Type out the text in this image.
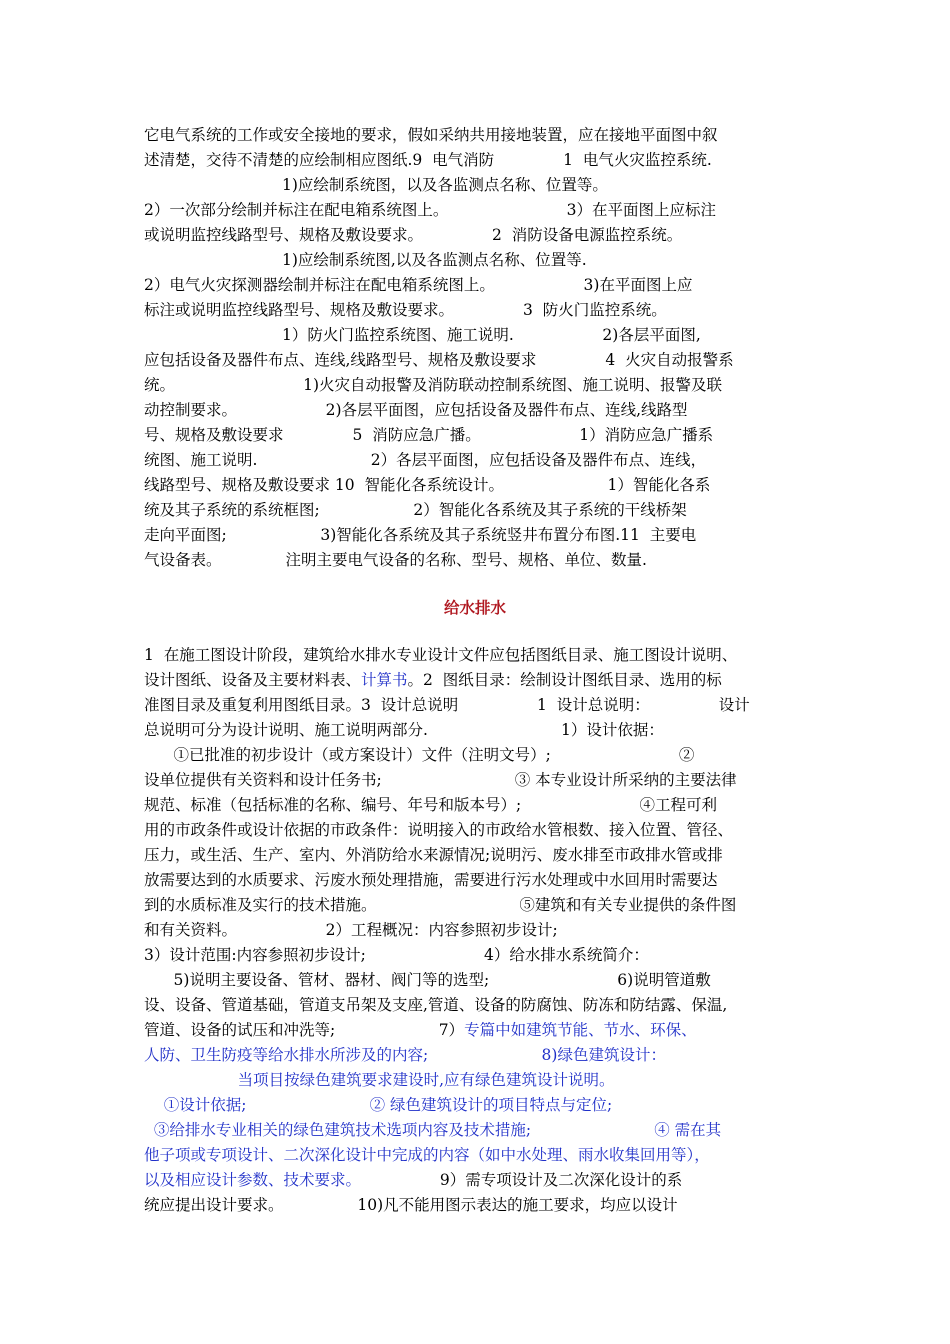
它电气系统的工作或安全接地的要求，假如采纳共用接地装置，应在接地平面图中叙
述清楚，交待不清楚的应绘制相应图纸.9  电气消防              1  电气火灾监控系统.
1)应绘制系统图，以及各监测点名称、位置等。
2）一次部分绘制并标注在配电箱系统图上。                        3）在平面图上应标注
或说明监控线路型号、规格及敷设要求。              2  消防设备电源监控系统。
1)应绘制系统图,以及各监测点名称、位置等.
2）电气火灾探测器绘制并标注在配电箱系统图上。                  3)在平面图上应
标注或说明监控线路型号、规格及敷设要求。              3  防火门监控系统。
1）防火门监控系统图、施工说明.                  2)各层平面图,
应包括设备及器件布点、连线,线路型号、规格及敷设要求              4  火灾自动报警系
统。                          1)火灾自动报警及消防联动控制系统图、施工说明、报警及联
动控制要求。                  2)各层平面图，应包括设备及器件布点、连线,线路型
号、规格及敷设要求              5  消防应急广播。                    1）消防应急广播系
统图、施工说明.                       2）各层平面图，应包括设备及器件布点、连线，
线路型号、规格及敷设要求 10  智能化各系统设计。                     1）智能化各系
统及其子系统的系统框图;                   2）智能化各系统及其子系统的干线桥架
走向平面图;                   3)智能化各系统及其子系统竖井布置分布图.11  主要电
气设备表。             注明主要电气设备的名称、型号、规格、单位、数量.
给水排水
1  在施工图设计阶段，建筑给水排水专业设计文件应包括图纸目录、施工图设计说明、
设计图纸、设备及主要材料表、计算书。2  图纸目录：绘制设计图纸目录、选用的标
准图目录及重复利用图纸目录。3  设计总说明                1  设计总说明：              设计
总说明可分为设计说明、施工说明两部分.                           1）设计依据：
①已批准的初步设计（或方案设计）文件（注明文号）;                          ②
设单位提供有关资料和设计任务书;                           ③ 本专业设计所采纳的主要法律
规范、标准（包括标准的名称、编号、年号和版本号）;                        ④工程可利
用的市政条件或设计依据的市政条件：说明接入的市政给水管根数、接入位置、管径、
压力，或生活、生产、室内、外消防给水来源情况;说明污、废水排至市政排水管或排
放需要达到的水质要求、污废水预处理措施，需要进行污水处理或中水回用时需要达
到的水质标准及实行的技术措施。                             ⑤建筑和有关专业提供的条件图
和有关资料。                  2）工程概况：内容参照初步设计;
3）设计范围:内容参照初步设计;                        4）给水排水系统简介：
5)说明主要设备、管材、器材、阀门等的选型;                          6)说明管道敷
设、设备、管道基础，管道支吊架及支座,管道、设备的防腐蚀、防冻和防结露、保温,
管道、设备的试压和冲洗等;                     7）专篇中如建筑节能、节水、环保、
人防、卫生防疫等给水排水所涉及的内容;                       8)绿色建筑设计：
当项目按绿色建筑要求建设时,应有绿色建筑设计说明。
①设计依据;                         ② 绿色建筑设计的项目特点与定位;
③给排水专业相关的绿色建筑技术选项内容及技术措施;                         ④ 需在其
他子项或专项设计、二次深化设计中完成的内容（如中水处理、雨水收集回用等），
以及相应设计参数、技术要求。                9）需专项设计及二次深化设计的系
统应提出设计要求。               10)凡不能用图示表达的施工要求，均应以设计
